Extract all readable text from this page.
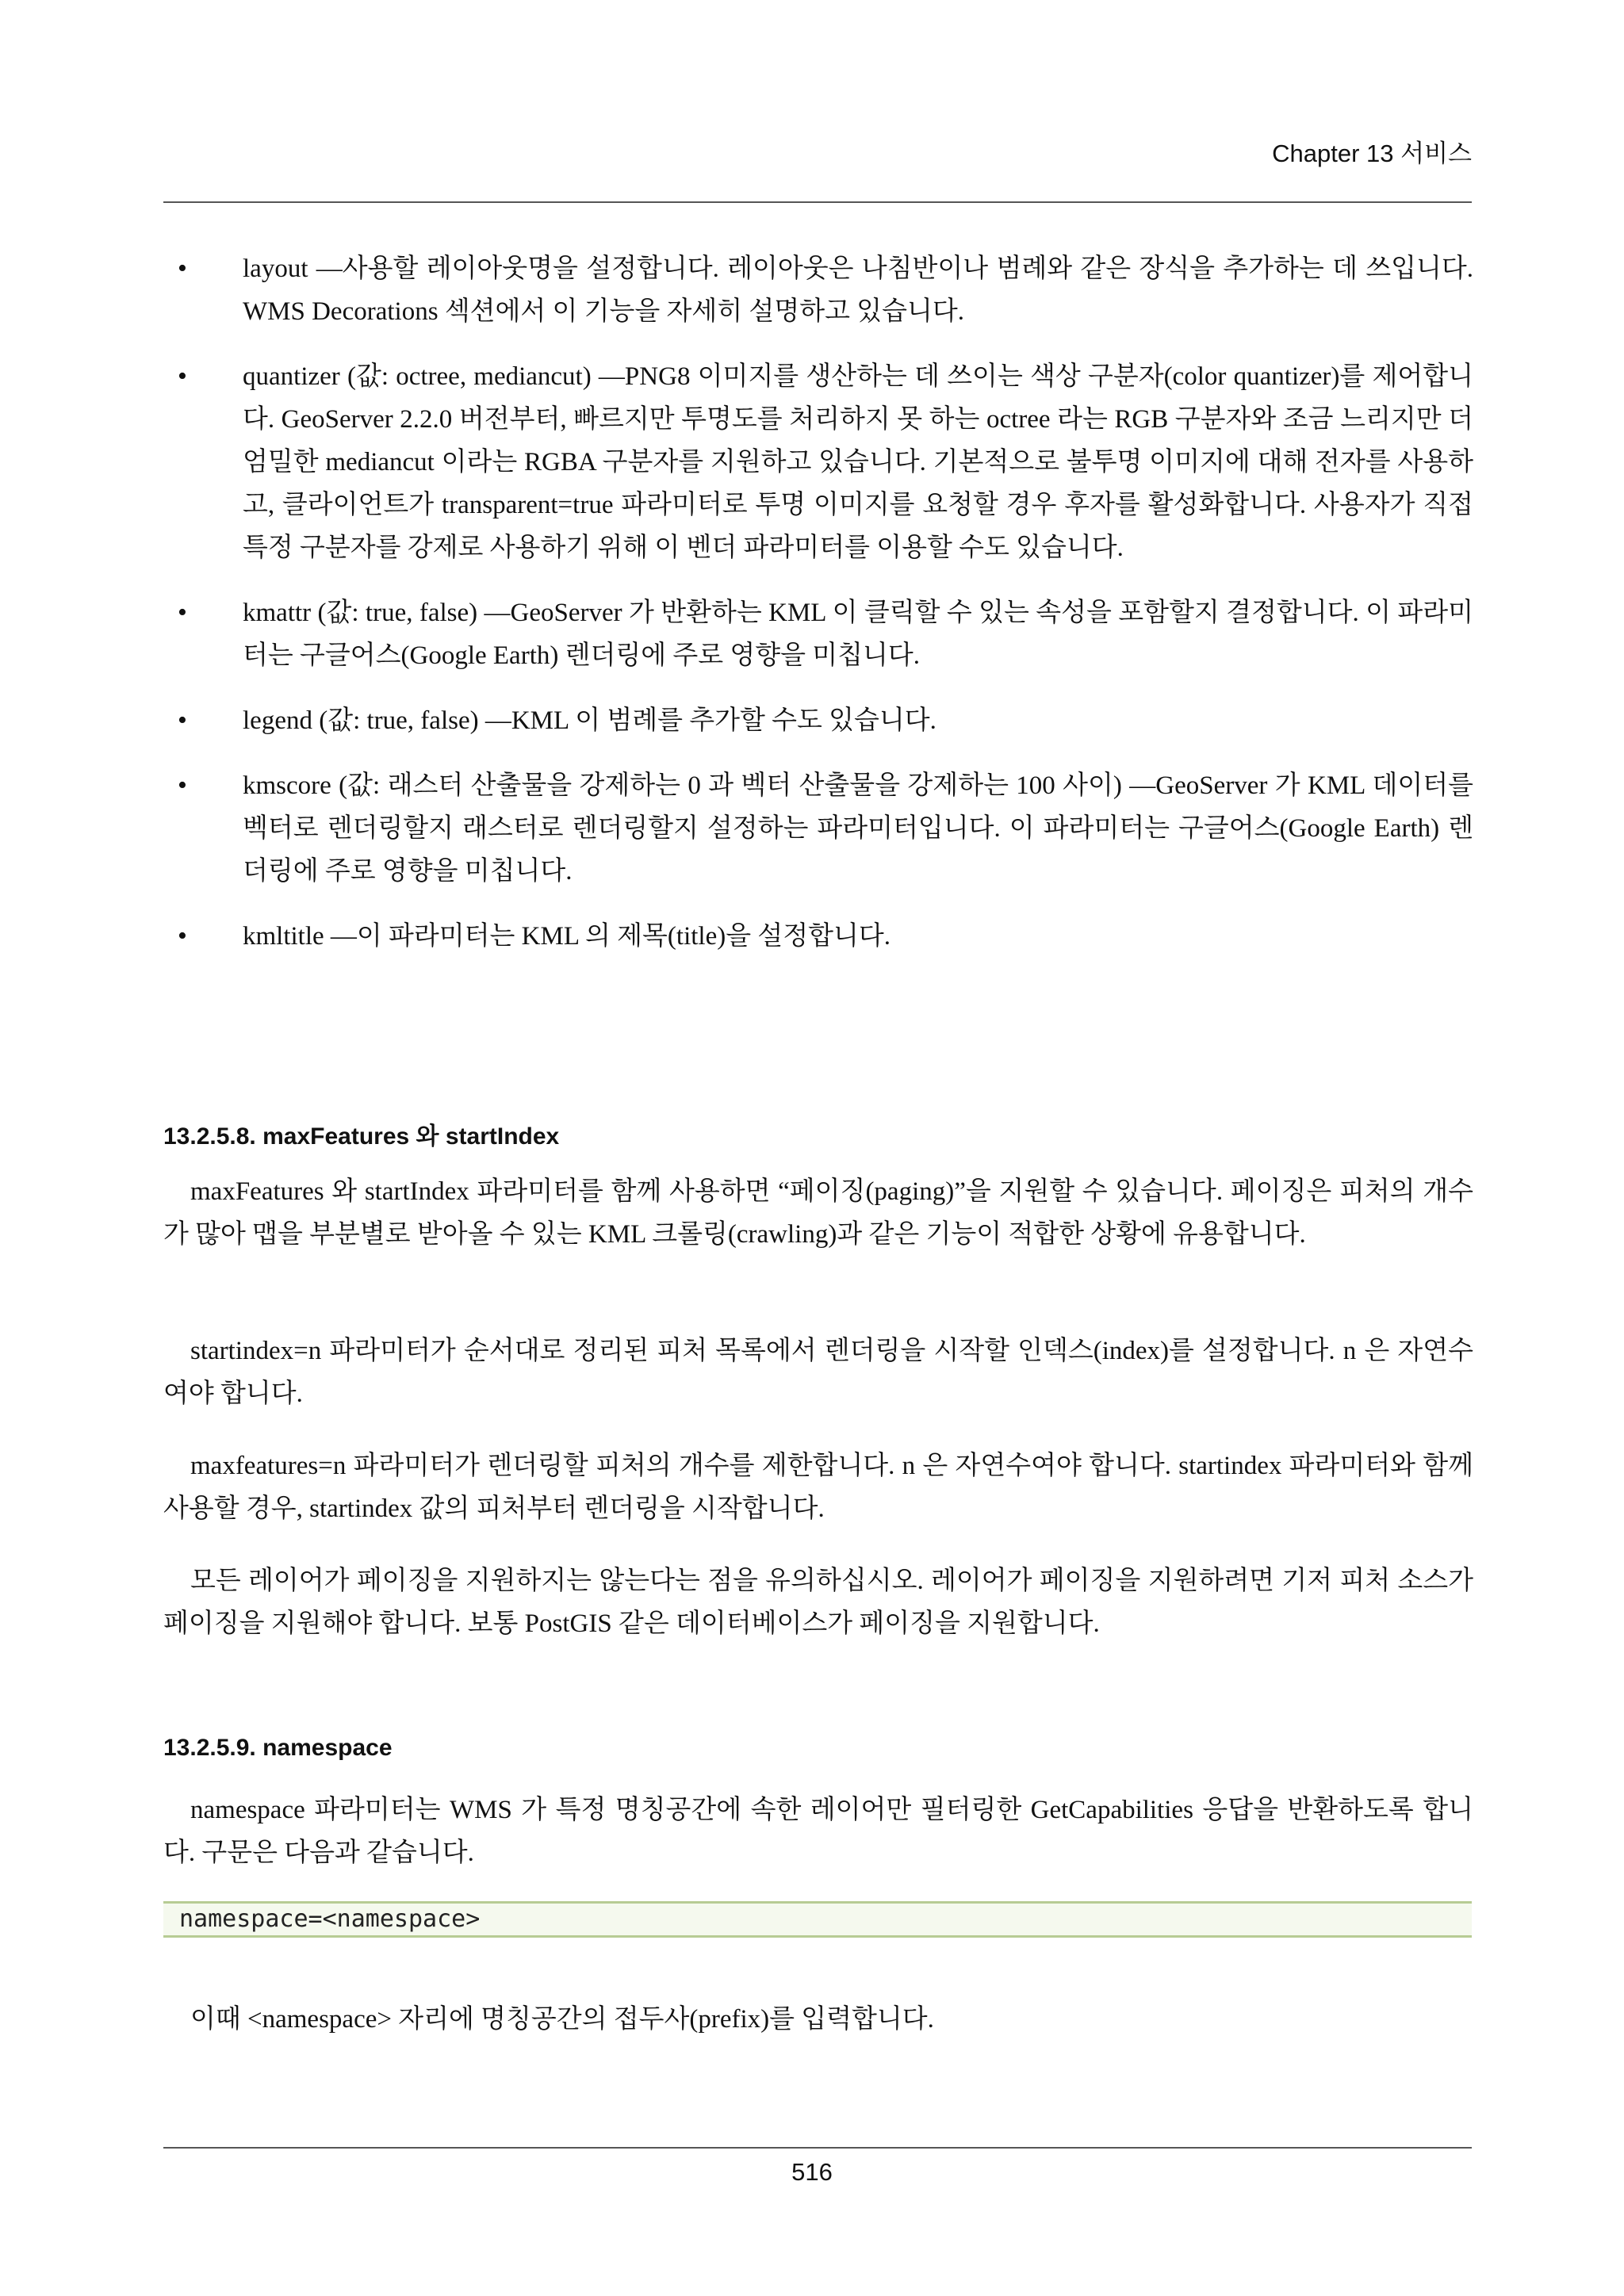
Chapter 13 서비스
• layout —사용할 레이아웃명을 설정합니다. 레이아웃은 나침반이나 범례와 같은 장식을 추가하는 데 쓰입니다. WMS Decorations 섹션에서 이 기능을 자세히 설명하고 있습니다.
• quantizer (값: octree, mediancut) —PNG8 이미지를 생산하는 데 쓰이는 색상 구분자(color quantizer)를 제어합니다. GeoServer 2.2.0 버전부터, 빠르지만 투명도를 처리하지 못 하는 octree 라는 RGB 구분자와 조금 느리지만 더 엄밀한 mediancut 이라는 RGBA 구분자를 지원하고 있습니다. 기본적으로 불투명 이미지에 대해 전자를 사용하고, 클라이언트가 transparent=true 파라미터로 투명 이미지를 요청할 경우 후자를 활성화합니다. 사용자가 직접 특정 구분자를 강제로 사용하기 위해 이 벤더 파라미터를 이용할 수도 있습니다.
• kmattr (값: true, false) —GeoServer 가 반환하는 KML 이 클릭할 수 있는 속성을 포함할지 결정합니다. 이 파라미터는 구글어스(Google Earth) 렌더링에 주로 영향을 미칩니다.
• legend (값: true, false) —KML 이 범례를 추가할 수도 있습니다.
• kmscore (값: 래스터 산출물을 강제하는 0 과 벡터 산출물을 강제하는 100 사이) —GeoServer 가 KML 데이터를 벡터로 렌더링할지 래스터로 렌더링할지 설정하는 파라미터입니다. 이 파라미터는 구글어스(Google Earth) 렌더링에 주로 영향을 미칩니다.
• kmltitle —이 파라미터는 KML 의 제목(title)을 설정합니다.
13.2.5.8. maxFeatures 와 startIndex

maxFeatures 와 startIndex 파라미터를 함께 사용하면 “페이징(paging)”을 지원할 수 있습니다. 페이징은 피처의 개수가 많아 맵을 부분별로 받아올 수 있는 KML 크롤링(crawling)과 같은 기능이 적합한 상황에 유용합니다.

startindex=n 파라미터가 순서대로 정리된 피처 목록에서 렌더링을 시작할 인덱스(index)를 설정합니다. n 은 자연수여야 합니다.

maxfeatures=n 파라미터가 렌더링할 피처의 개수를 제한합니다. n 은 자연수여야 합니다. startindex 파라미터와 함께 사용할 경우, startindex 값의 피처부터 렌더링을 시작합니다.

모든 레이어가 페이징을 지원하지는 않는다는 점을 유의하십시오. 레이어가 페이징을 지원하려면 기저 피처 소스가 페이징을 지원해야 합니다. 보통 PostGIS 같은 데이터베이스가 페이징을 지원합니다.

13.2.5.9. namespace

namespace 파라미터는 WMS 가 특정 명칭공간에 속한 레이어만 필터링한 GetCapabilities 응답을 반환하도록 합니다. 구문은 다음과 같습니다.

namespace=<namespace>

이때 <namespace> 자리에 명칭공간의 접두사(prefix)를 입력합니다.

516
